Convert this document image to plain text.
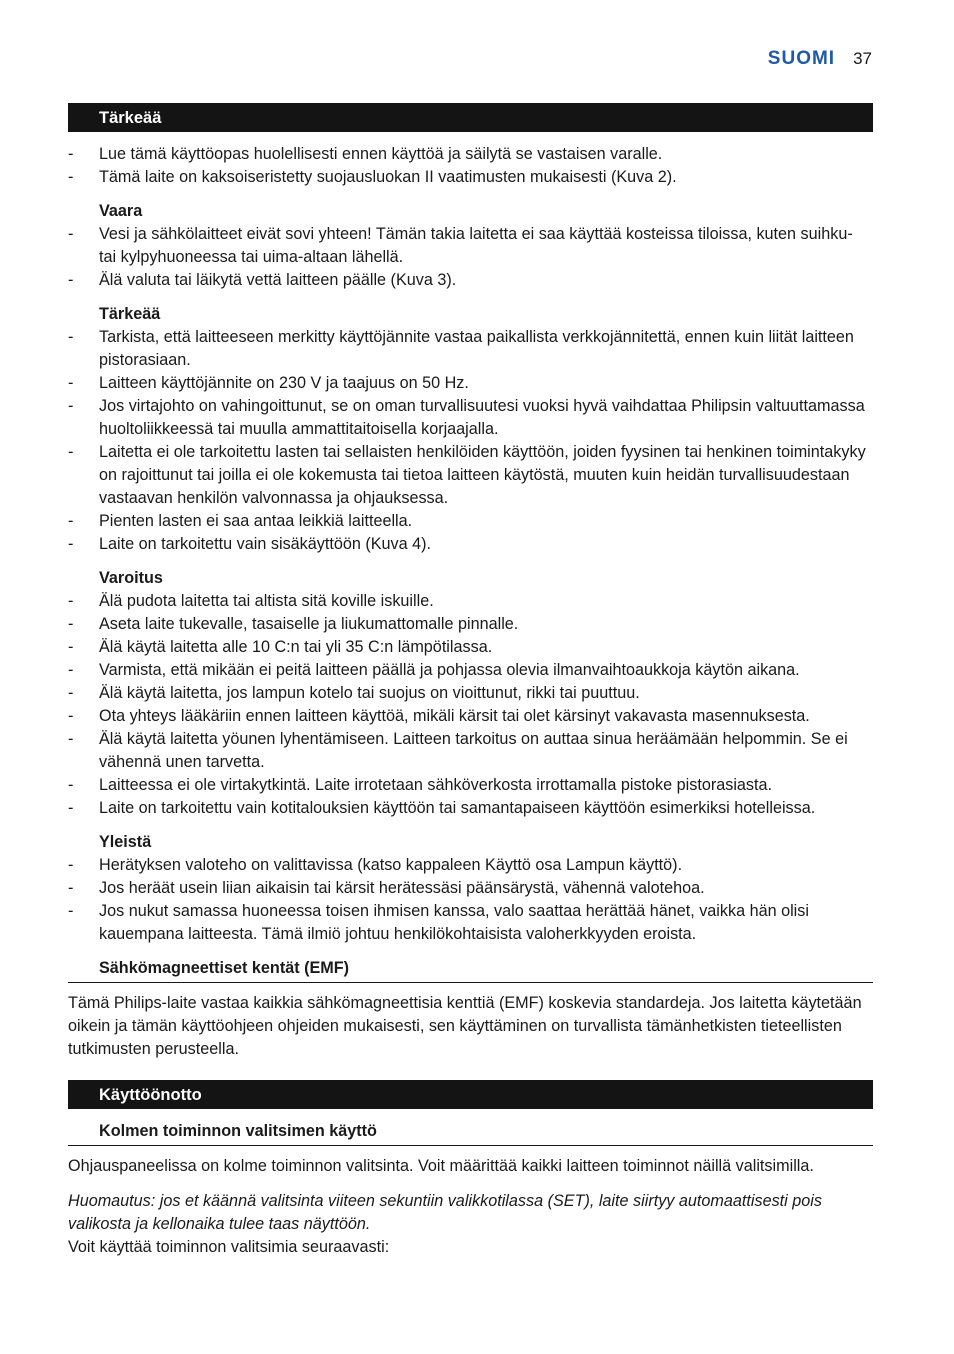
SUOMI 37
Tärkeää
- Lue tämä käyttöopas huolellisesti ennen käyttöä ja säilytä se vastaisen varalle.
- Tämä laite on kaksoiseristetty suojausluokan II vaatimusten mukaisesti (Kuva 2).
Vaara
- Vesi ja sähkölaitteet eivät sovi yhteen! Tämän takia laitetta ei saa käyttää kosteissa tiloissa, kuten suihku- tai kylpyhuoneessa tai uima-altaan lähellä.
- Älä valuta tai läikytä vettä laitteen päälle (Kuva 3).
Tärkeää
- Tarkista, että laitteeseen merkitty käyttöjännite vastaa paikallista verkkojännitettä, ennen kuin liität laitteen pistorasiaan.
- Laitteen käyttöjännite on 230 V ja taajuus on 50 Hz.
- Jos virtajohto on vahingoittunut, se on oman turvallisuutesi vuoksi hyvä vaihdattaa Philipsin valtuuttamassa huoltoliikkeessä tai muulla ammattitaitoisella korjaajalla.
- Laitetta ei ole tarkoitettu lasten tai sellaisten henkilöiden käyttöön, joiden fyysinen tai henkinen toimintakyky on rajoittunut tai joilla ei ole kokemusta tai tietoa laitteen käytöstä, muuten kuin heidän turvallisuudestaan vastaavan henkilön valvonnassa ja ohjauksessa.
- Pienten lasten ei saa antaa leikkiä laitteella.
- Laite on tarkoitettu vain sisäkäyttöön (Kuva 4).
Varoitus
- Älä pudota laitetta tai altista sitä koville iskuille.
- Aseta laite tukevalle, tasaiselle ja liukumattomalle pinnalle.
- Älä käytä laitetta alle 10 C:n tai yli 35 C:n lämpötilassa.
- Varmista, että mikään ei peitä laitteen päällä ja pohjassa olevia ilmanvaihtoaukkoja käytön aikana.
- Älä käytä laitetta, jos lampun kotelo tai suojus on vioittunut, rikki tai puuttuu.
- Ota yhteys lääkäriin ennen laitteen käyttöä, mikäli kärsit tai olet kärsinyt vakavasta masennuksesta.
- Älä käytä laitetta yöunen lyhentämiseen. Laitteen tarkoitus on auttaa sinua heräämään helpommin. Se ei vähennä unen tarvetta.
- Laitteessa ei ole virtakytkintä. Laite irrotetaan sähköverkosta irrottamalla pistoke pistorasiasta.
- Laite on tarkoitettu vain kotitalouksien käyttöön tai samantapaiseen käyttöön esimerkiksi hotelleissa.
Yleistä
- Herätyksen valoteho on valittavissa (katso kappaleen Käyttö osa Lampun käyttö).
- Jos heräät usein liian aikaisin tai kärsit herätessäsi päänsärystä, vähennä valotehoa.
- Jos nukut samassa huoneessa toisen ihmisen kanssa, valo saattaa herättää hänet, vaikka hän olisi kauempana laitteesta. Tämä ilmiö johtuu henkilökohtaisista valoherkkyyden eroista.
Sähkömagneettiset kentät (EMF)

Tämä Philips-laite vastaa kaikkia sähkömagneettisia kenttiä (EMF) koskevia standardeja. Jos laitetta käytetään oikein ja tämän käyttöohjeen ohjeiden mukaisesti, sen käyttäminen on turvallista tämänhetkisten tieteellisten tutkimusten perusteella.

Käyttöönotto
Kolmen toiminnon valitsimen käyttö

Ohjauspaneelissa on kolme toiminnon valitsinta. Voit määrittää kaikki laitteen toiminnot näillä valitsimilla.

Huomautus: jos et käännä valitsinta viiteen sekuntiin valikkotilassa (SET), laite siirtyy automaattisesti pois valikosta ja kellonaika tulee taas näyttöön.

Voit käyttää toiminnon valitsimia seuraavasti:
